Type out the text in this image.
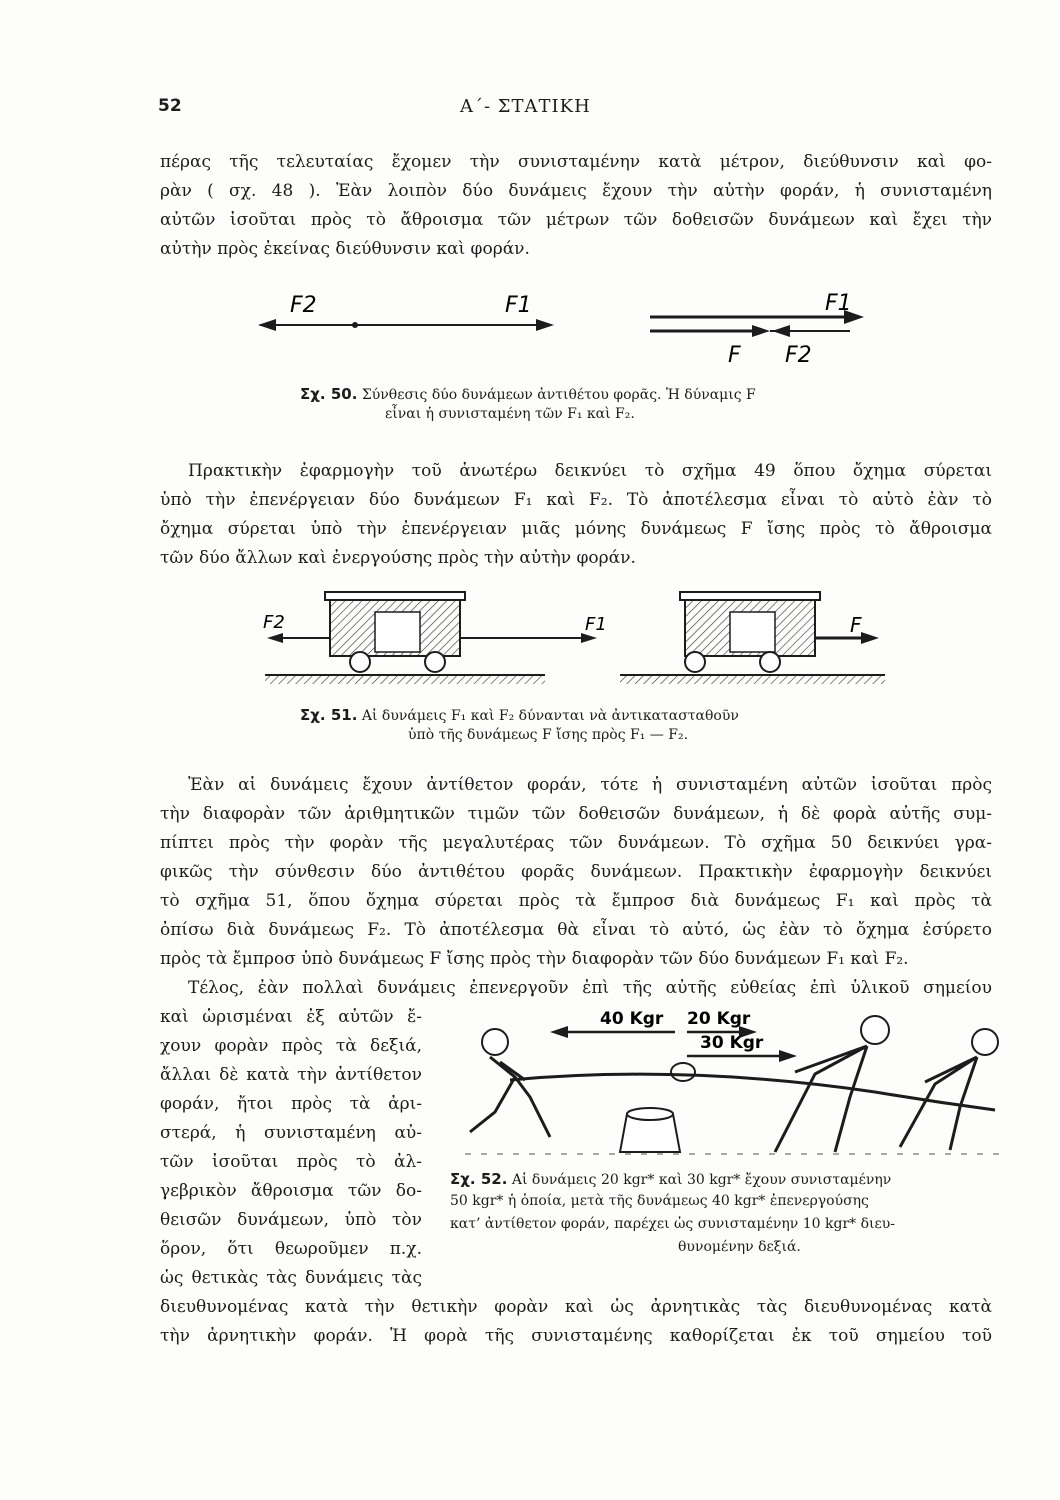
52	Α΄- ΣΤΑΤΙΚΗ
πέρας τῆς τελευταίας ἔχομεν τὴν συνισταμένην κατὰ μέτρον, διεύθυνσιν καὶ φο-
ρὰν ( σχ. 48 ). Ἐὰν λοιπὸν δύο δυνάμεις ἔχουν τὴν αὐτὴν φοράν, ἡ συνισταμένη
αὐτῶν ἰσοῦται πρὸς τὸ ἄθροισμα τῶν μέτρων τῶν δοθεισῶν δυνάμεων καὶ ἔχει τὴν
αὐτὴν πρὸς ἐκείνας διεύθυνσιν καὶ φοράν.
F2	F1	F1
F F2
Σχ. 50. Σύνθεσις δύο δυνάμεων ἀντιθέτου φορᾶς. Ἡ δύναμις F
εἶναι ἡ συνισταμένη τῶν F₁ καὶ F₂.
Πρακτικὴν ἐφαρμογὴν τοῦ ἀνωτέρω δεικνύει τὸ σχῆμα 49 ὅπου ὄχημα σύρεται
ὑπὸ τὴν ἐπενέργειαν δύο δυνάμεων F₁ καὶ F₂. Τὸ ἀποτέλεσμα εἶναι τὸ αὐτὸ ἐὰν τὸ
ὄχημα σύρεται ὑπὸ τὴν ἐπενέργειαν μιᾶς μόνης δυνάμεως F ἴσης πρὸς τὸ ἄθροισμα
τῶν δύο ἄλλων καὶ ἐνεργούσης πρὸς τὴν αὐτὴν φοράν.
F2	F1	F
Σχ. 51. Αἱ δυνάμεις F₁ καὶ F₂ δύνανται νὰ ἀντικατασταθοῦν
ὑπὸ τῆς δυνάμεως F ἴσης πρὸς F₁ — F₂.
Ἐὰν αἱ δυνάμεις ἔχουν ἀντίθετον φοράν, τότε ἡ συνισταμένη αὐτῶν ἰσοῦται πρὸς
τὴν διαφορὰν τῶν ἀριθμητικῶν τιμῶν τῶν δοθεισῶν δυνάμεων, ἡ δὲ φορὰ αὐτῆς συμ-
πίπτει πρὸς τὴν φορὰν τῆς μεγαλυτέρας τῶν δυνάμεων. Τὸ σχῆμα 50 δεικνύει γρα-
φικῶς τὴν σύνθεσιν δύο ἀντιθέτου φορᾶς δυνάμεων. Πρακτικὴν ἐφαρμογὴν δεικνύει
τὸ σχῆμα 51, ὅπου ὄχημα σύρεται πρὸς τὰ ἔμπροσ διὰ δυνάμεως F₁ καὶ πρὸς τὰ
ὀπίσω διὰ δυνάμεως F₂. Τὸ ἀποτέλεσμα θὰ εἶναι τὸ αὐτό, ὡς ἐὰν τὸ ὄχημα ἐσύρετο
πρὸς τὰ ἔμπροσ ὑπὸ δυνάμεως F ἴσης πρὸς τὴν διαφορὰν τῶν δύο δυνάμεων F₁ καὶ F₂.
Τέλος, ἐὰν πολλαὶ δυνάμεις ἐπενεργοῦν ἐπὶ τῆς αὐτῆς εὐθείας ἐπὶ ὑλικοῦ σημείου
καὶ ὡρισμέναι ἐξ αὐτῶν ἔ-
χουν φορὰν πρὸς τὰ δεξιά,
ἄλλαι δὲ κατὰ τὴν ἀντίθετον
φοράν, ἤτοι πρὸς τὰ ἀρι-
στερά, ἡ συνισταμένη αὐ-
τῶν ἰσοῦται πρὸς τὸ ἀλ-
γεβρικὸν ἄθροισμα τῶν δο-
θεισῶν δυνάμεων, ὑπὸ τὸν
ὅρον, ὅτι θεωροῦμεν π.χ.
ὡς θετικὰς τὰς δυνάμεις τὰς
διευθυνομένας κατὰ τὴν θετικὴν φορὰν καὶ ὡς ἀρνητικὰς τὰς διευθυνομένας κατὰ
τὴν ἀρνητικὴν φοράν. Ἡ φορὰ τῆς συνισταμένης καθορίζεται ἐκ τοῦ σημείου τοῦ
40 Kgr 20 Kgr
30 Kgr
Σχ. 52. Αἱ δυνάμεις 20 kgr* καὶ 30 kgr* ἔχουν συνισταμένην
50 kgr* ἡ ὁποία, μετὰ τῆς δυνάμεως 40 kgr* ἐπενεργούσης
κατ’ ἀντίθετον φοράν, παρέχει ὡς συνισταμένην 10 kgr* διευ-
θυνομένην δεξιά.
